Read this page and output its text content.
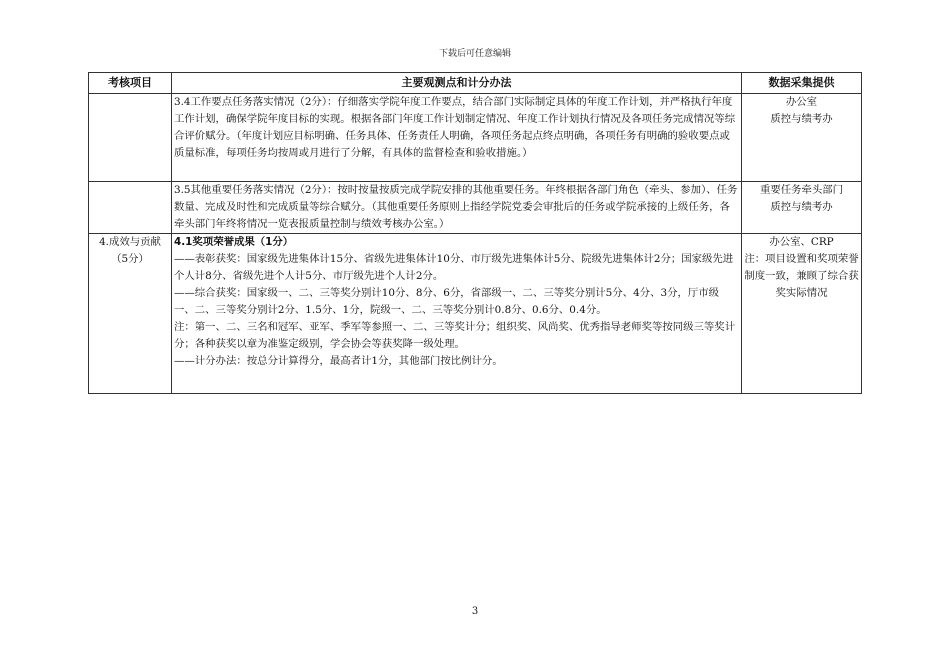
下载后可任意编辑
考核项目	主要观测点和计分办法	数据采集提供

	3.4工作要点任务落实情况（2分）：仔细落实学院年度工作要点，结合部门实际制定具体的年度工作计划，并严格执行年度工作计划，确保学院年度目标的实现。根据各部门年度工作计划制定情况、年度工作计划执行情况及各项任务完成情况等综合评价赋分。（年度计划应目标明确、任务具体、任务责任人明确，各项任务起点终点明确，各项任务有明确的验收要点或质量标准，每项任务均按周或月进行了分解，有具体的监督检查和验收措施。）	办公室
质控与绩考办

	3.5其他重要任务落实情况（2分）：按时按量按质完成学院安排的其他重要任务。年终根据各部门角色（牵头、参加）、任务数量、完成及时性和完成质量等综合赋分。（其他重要任务原则上指经学院党委会审批后的任务或学院承接的上级任务，各牵头部门年终将情况一览表报质量控制与绩效考核办公室。）	重要任务牵头部门
质控与绩考办

4.成效与贡献
（5分）	4.1奖项荣誉成果（1分）
——表彰获奖：国家级先进集体计15分、省级先进集体计10分、市厅级先进集体计5分、院级先进集体计2分；国家级先进个人计8分、省级先进个人计5分、市厅级先进个人计2分。
——综合获奖：国家级一、二、三等奖分别计10分、8分、6分，省部级一、二、三等奖分别计5分、4分、3分，厅市级一、二、三等奖分别计2分、1.5分、1分，院级一、二、三等奖分别计0.8分、0.6分、0.4分。
注：第一、二、三名和冠军、亚军、季军等参照一、二、三等奖计分；组织奖、风尚奖、优秀指导老师奖等按同级三等奖计分；各种获奖以章为准鉴定级别，学会协会等获奖降一级处理。
——计分办法：按总分计算得分，最高者计1分，其他部门按比例计分。	办公室、CRP
注：项目设置和奖项荣誉制度一致，兼顾了综合获奖实际情况
3
